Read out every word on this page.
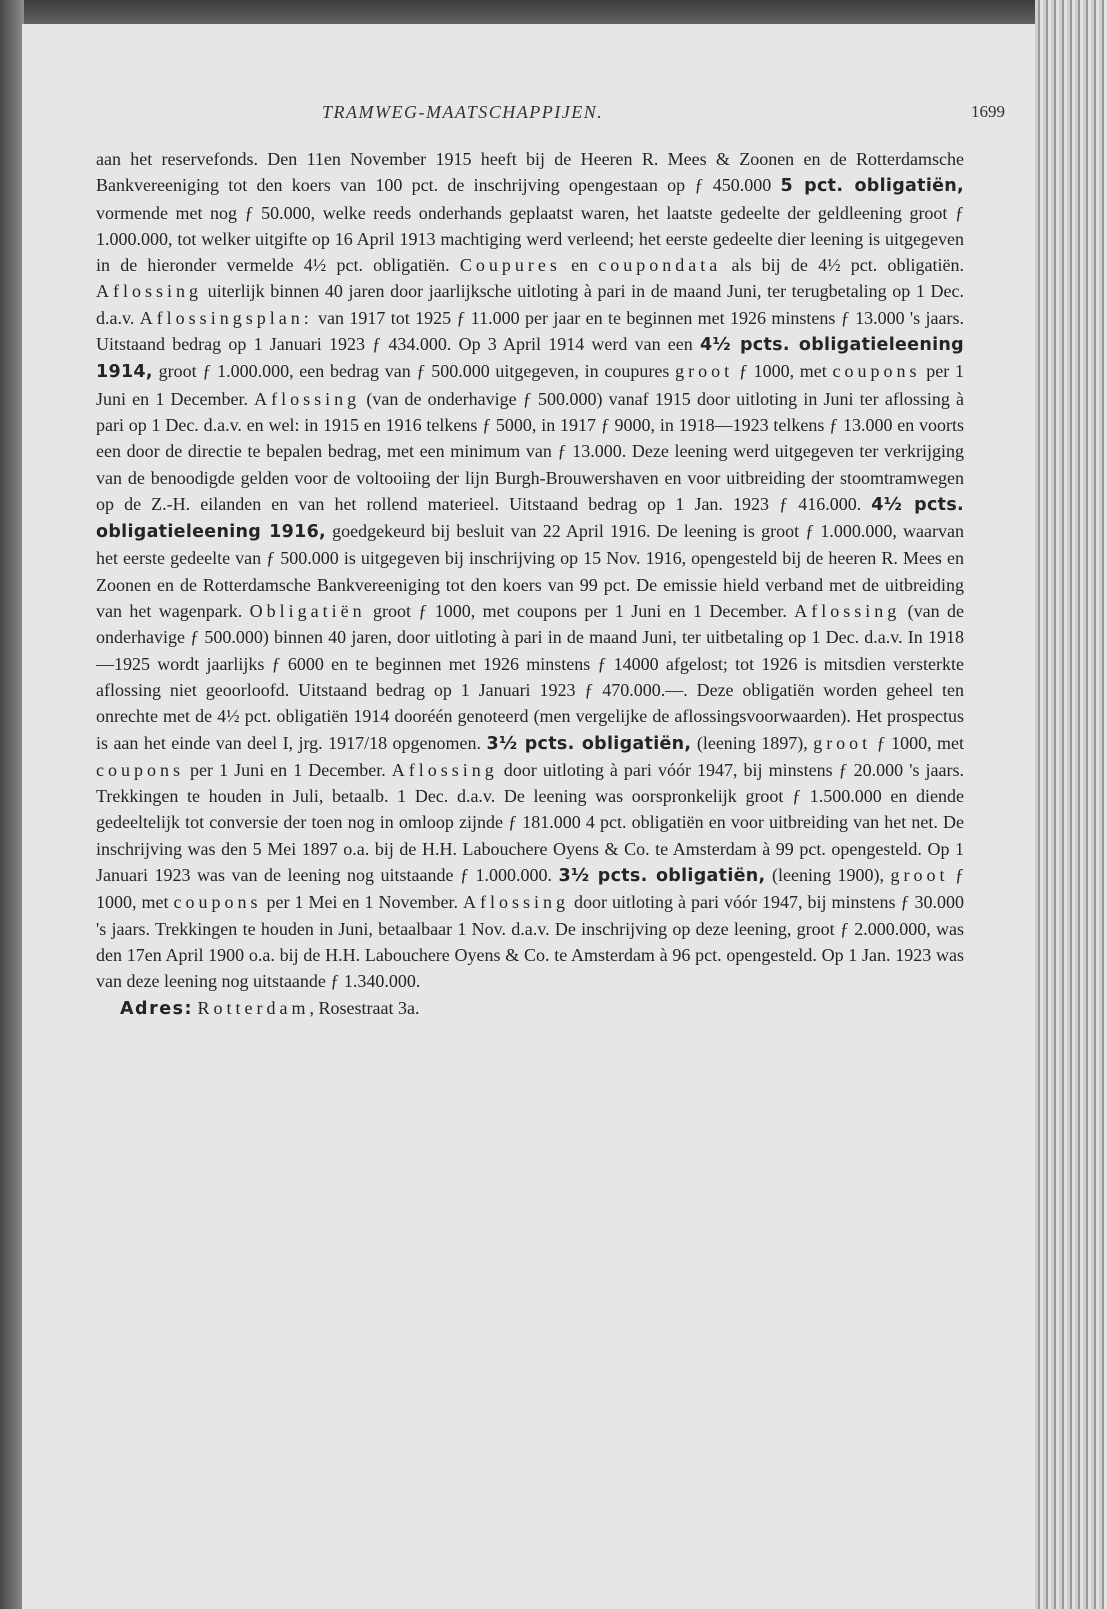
TRAMWEG-MAATSCHAPPIJEN.	1699

aan het reservefonds. Den 11en November 1915 heeft bij de Heeren R. Mees & Zoonen en de Rotterdamsche Bankvereeniging tot den koers van 100 pct. de inschrijving opengestaan op ƒ 450.000 5 pct. obligatiën, vormende met nog ƒ 50.000, welke reeds onderhands geplaatst waren, het laatste gedeelte der geldleening groot ƒ 1.000.000, tot welker uitgifte op 16 April 1913 machtiging werd verleend; het eerste gedeelte dier leening is uitgegeven in de hieronder vermelde 4½ pct. obligatiën. Coupures en coupondata als bij de 4½ pct. obligatiën. Aflossing uiterlijk binnen 40 jaren door jaarlijksche uitloting à pari in de maand Juni, ter terugbetaling op 1 Dec. d.a.v. Aflossingsplan: van 1917 tot 1925 ƒ 11.000 per jaar en te beginnen met 1926 minstens ƒ 13.000 's jaars. Uitstaand bedrag op 1 Januari 1923 ƒ 434.000. Op 3 April 1914 werd van een 4½ pcts. obligatieleening 1914, groot ƒ 1.000.000, een bedrag van ƒ 500.000 uitgegeven, in coupures groot ƒ 1000, met coupons per 1 Juni en 1 December. Aflossing (van de onderhavige ƒ 500.000) vanaf 1915 door uitloting in Juni ter aflossing à pari op 1 Dec. d.a.v. en wel: in 1915 en 1916 telkens ƒ 5000, in 1917 ƒ 9000, in 1918—1923 telkens ƒ 13.000 en voorts een door de directie te bepalen bedrag, met een minimum van ƒ 13.000. Deze leening werd uitgegeven ter verkrijging van de benoodigde gelden voor de voltooiing der lijn Burgh-Brouwershaven en voor uitbreiding der stoomtramwegen op de Z.-H. eilanden en van het rollend materieel. Uitstaand bedrag op 1 Jan. 1923 ƒ 416.000. 4½ pcts. obligatieleening 1916, goedgekeurd bij besluit van 22 April 1916. De leening is groot ƒ 1.000.000, waarvan het eerste gedeelte van ƒ 500.000 is uitgegeven bij inschrijving op 15 Nov. 1916, opengesteld bij de heeren R. Mees en Zoonen en de Rotterdamsche Bankvereeniging tot den koers van 99 pct. De emissie hield verband met de uitbreiding van het wagenpark. Obligatiën groot ƒ 1000, met coupons per 1 Juni en 1 December. Aflossing (van de onderhavige ƒ 500.000) binnen 40 jaren, door uitloting à pari in de maand Juni, ter uitbetaling op 1 Dec. d.a.v. In 1918—1925 wordt jaarlijks ƒ 6000 en te beginnen met 1926 minstens ƒ 14000 afgelost; tot 1926 is mitsdien versterkte aflossing niet geoorloofd. Uitstaand bedrag op 1 Januari 1923 ƒ 470.000.—. Deze obligatiën worden geheel ten onrechte met de 4½ pct. obligatiën 1914 dooréén genoteerd (men vergelijke de aflossingsvoorwaarden). Het prospectus is aan het einde van deel I, jrg. 1917/18 opgenomen. 3½ pcts. obligatiën, (leening 1897), groot ƒ 1000, met coupons per 1 Juni en 1 December. Aflossing door uitloting à pari vóór 1947, bij minstens ƒ 20.000 's jaars. Trekkingen te houden in Juli, betaalb. 1 Dec. d.a.v. De leening was oorspronkelijk groot ƒ 1.500.000 en diende gedeeltelijk tot conversie der toen nog in omloop zijnde ƒ 181.000 4 pct. obligatiën en voor uitbreiding van het net. De inschrijving was den 5 Mei 1897 o.a. bij de H.H. Labouchere Oyens & Co. te Amsterdam à 99 pct. opengesteld. Op 1 Januari 1923 was van de leening nog uitstaande ƒ 1.000.000. 3½ pcts. obligatiën, (leening 1900), groot ƒ 1000, met coupons per 1 Mei en 1 November. Aflossing door uitloting à pari vóór 1947, bij minstens ƒ 30.000 's jaars. Trekkingen te houden in Juni, betaalbaar 1 Nov. d.a.v. De inschrijving op deze leening, groot ƒ 2.000.000, was den 17en April 1900 o.a. bij de H.H. Labouchere Oyens & Co. te Amsterdam à 96 pct. opengesteld. Op 1 Jan. 1923 was van deze leening nog uitstaande ƒ 1.340.000.

Adres: Rotterdam, Rosestraat 3a.
